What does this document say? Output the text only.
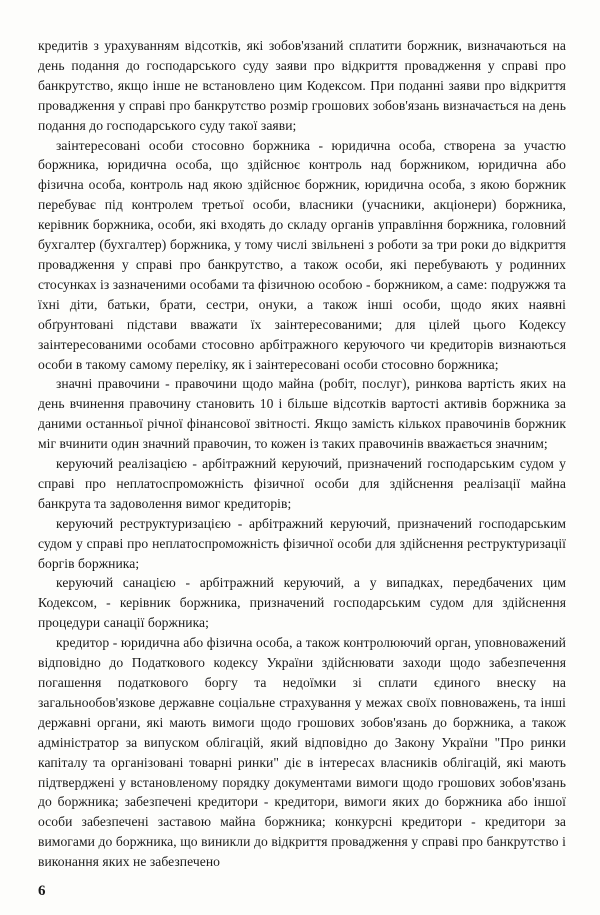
кредитів з урахуванням відсотків, які зобов'язаний сплатити боржник, визначаються на день подання до господарського суду заяви про відкриття провадження у справі про банкрутство, якщо інше не встановлено цим Кодексом. При поданні заяви про відкриття провадження у справі про банкрутство розмір грошових зобов'язань визначається на день подання до господарського суду такої заяви;

заінтересовані особи стосовно боржника - юридична особа, створена за участю боржника, юридична особа, що здійснює контроль над боржником, юридична або фізична особа, контроль над якою здійснює боржник, юридична особа, з якою боржник перебуває під контролем третьої особи, власники (учасники, акціонери) боржника, керівник боржника, особи, які входять до складу органів управління боржника, головний бухгалтер (бухгалтер) боржника, у тому числі звільнені з роботи за три роки до відкриття провадження у справі про банкрутство, а також особи, які перебувають у родинних стосунках із зазначеними особами та фізичною особою - боржником, а саме: подружжя та їхні діти, батьки, брати, сестри, онуки, а також інші особи, щодо яких наявні обґрунтовані підстави вважати їх заінтересованими; для цілей цього Кодексу заінтересованими особами стосовно арбітражного керуючого чи кредиторів визнаються особи в такому самому переліку, як і заінтересовані особи стосовно боржника;

значні правочини - правочини щодо майна (робіт, послуг), ринкова вартість яких на день вчинення правочину становить 10 і більше відсотків вартості активів боржника за даними останньої річної фінансової звітності. Якщо замість кількох правочинів боржник міг вчинити один значний правочин, то кожен із таких правочинів вважається значним;

керуючий реалізацією - арбітражний керуючий, призначений господарським судом у справі про неплатоспроможність фізичної особи для здійснення реалізації майна банкрута та задоволення вимог кредиторів;

керуючий реструктуризацією - арбітражний керуючий, призначений господарським судом у справі про неплатоспроможність фізичної особи для здійснення реструктуризації боргів боржника;

керуючий санацією - арбітражний керуючий, а у випадках, передбачених цим Кодексом, - керівник боржника, призначений господарським судом для здійснення процедури санації боржника;

кредитор - юридична або фізична особа, а також контролюючий орган, уповноважений відповідно до Податкового кодексу України здійснювати заходи щодо забезпечення погашення податкового боргу та недоїмки зі сплати єдиного внеску на загальнообов'язкове державне соціальне страхування у межах своїх повноважень, та інші державні органи, які мають вимоги щодо грошових зобов'язань до боржника, а також адміністратор за випуском облігацій, який відповідно до Закону України "Про ринки капіталу та організовані товарні ринки" діє в інтересах власників облігацій, які мають підтверджені у встановленому порядку документами вимоги щодо грошових зобов'язань до боржника; забезпечені кредитори - кредитори, вимоги яких до боржника або іншої особи забезпечені заставою майна боржника; конкурсні кредитори - кредитори за вимогами до боржника, що виникли до відкриття провадження у справі про банкрутство і виконання яких не забезпечено

6
